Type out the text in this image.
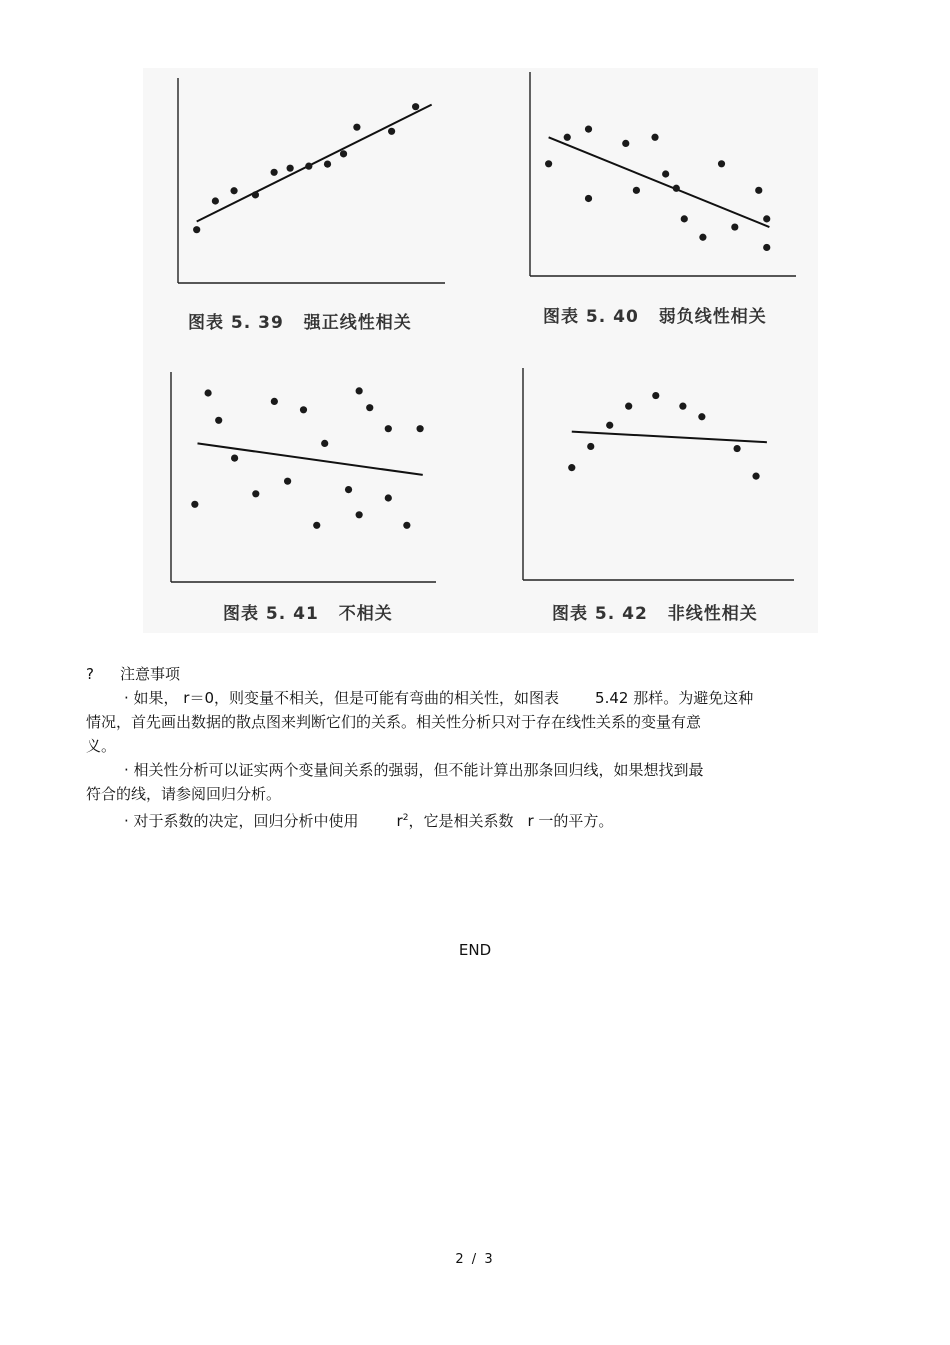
图表 5. 39 强正线性相关	图表 5. 40 弱负线性相关
图表 5. 41 不相关	图表 5. 42 非线性相关
? 注意事项
· 如果， r＝0，则变量不相关，但是可能有弯曲的相关性，如图表 5.42 那样。为避免这种
情况，首先画出数据的散点图来判断它们的关系。相关性分析只对于存在线性关系的变量有意
义。
· 相关性分析可以证实两个变量间关系的强弱，但不能计算出那条回归线，如果想找到最
符合的线，请参阅回归分析。
· 对于系数的决定，回归分析中使用	$r^2$，它是相关系数 r 一的平方。
END
2 / 3
